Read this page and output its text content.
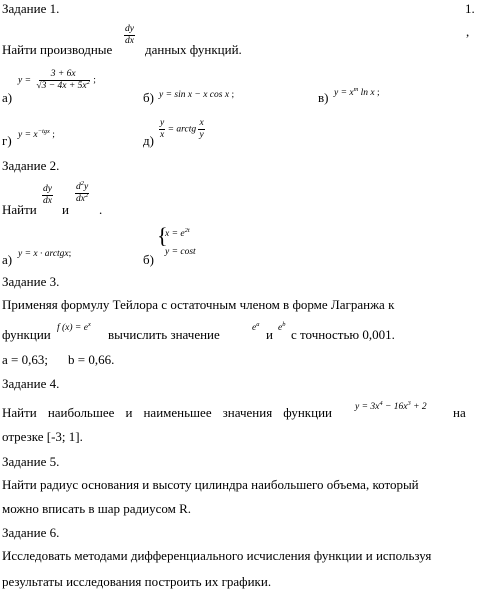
Задание 1.	1.
$\frac{dy}{dx}$
Найти производные	данных функций.
,
а)
$y = \frac{3 + 6x}{√3 - 4x + 5x^2}$ ;
б) y = sin x − x cos x ;	в) $y = x^m$ ln x ;
г) $y = x^{-tgx}$ ;	$д) \frac{y}{x}$ = arctg $\frac{x}{y}$
Задание 2.
Найти
$\frac{dy}{dx}$
и
$\frac{d^2y}{dx^2}$
.
а) y = x · arctgx;	б)
{
$x = e^{2t}$
y = cost
Задание 3.
Применяя формулу Тейлора с остаточным членом в форме Лагранжа к
функции f $(x) = e^x$
вычислить значение	$e^a$
и $e^b$
с точностью 0,001.
a = 0,63; b = 0,66.
Задание 4.
Найти наибольшее и наименьшее значения функции $y = 3x^4 - 16x^3 + 2$ на
отрезке [-3; 1].
Задание 5.
Найти радиус основания и высоту цилиндра наибольшего объема, который
можно вписать в шар радиусом R.
Задание 6.
Исследовать методами дифференциального исчисления функции и используя
результаты исследования построить их графики.
